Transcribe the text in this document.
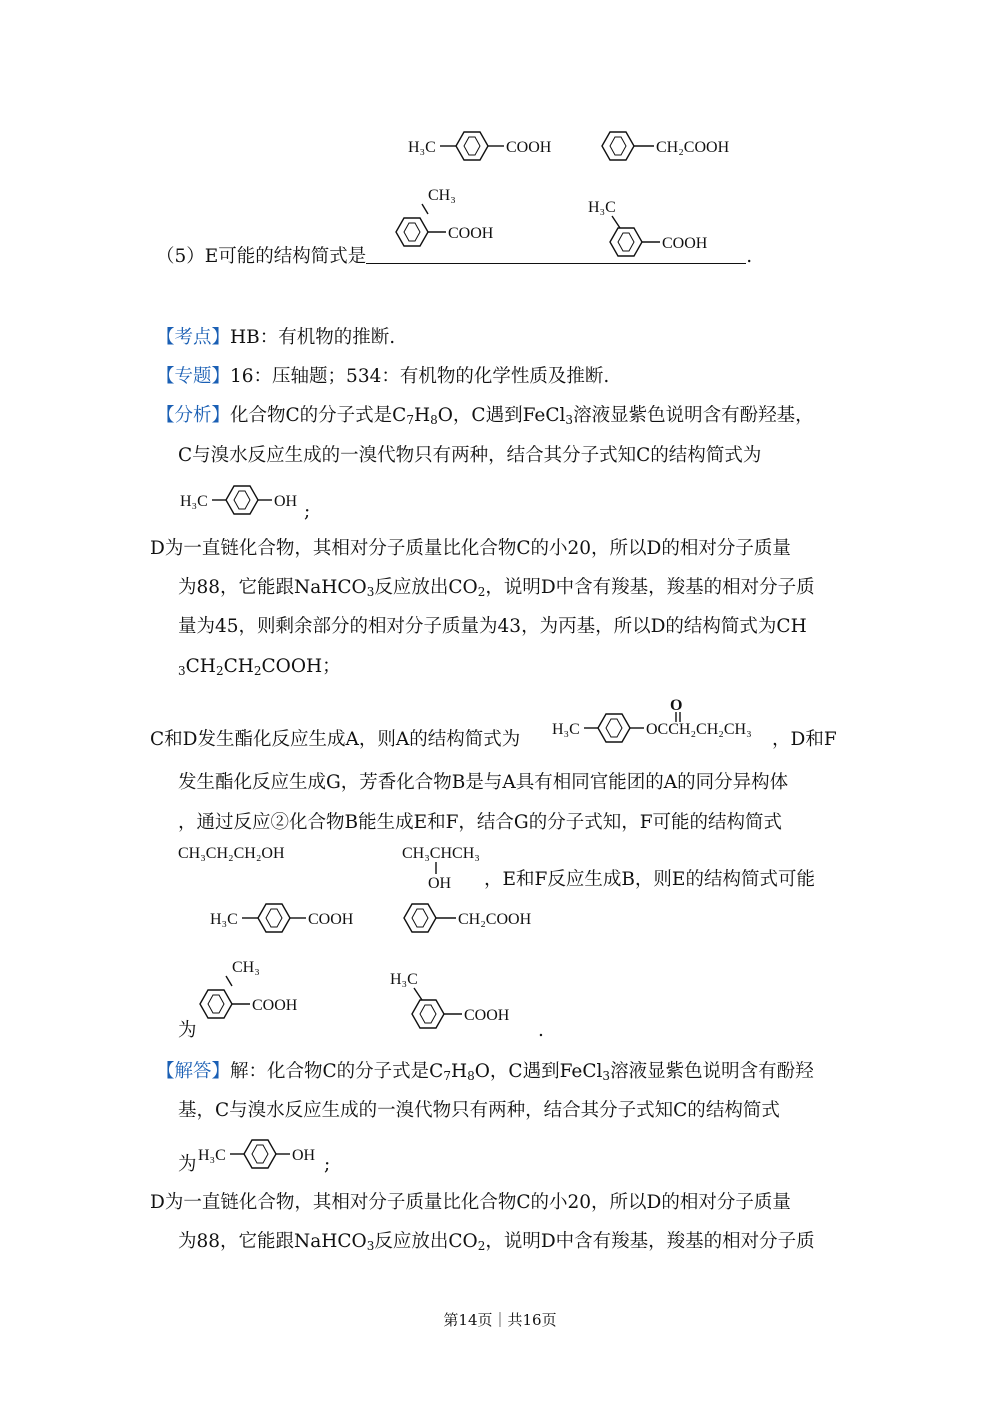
H₃C	COOH	CH₂COOH
CH₃
COOH
H₃C
COOH
（5）E可能的结构简式是	.
【考点】HB：有机物的推断.
【专题】16：压轴题；534：有机物的化学性质及推断.
【分析】化合物C的分子式是$C_7H_8O$，C遇到FeCl$_3$溶液显紫色说明含有酚羟基，
C与溴水反应生成的一溴代物只有两种，结合其分子式知C的结构简式为
H₃C	OH ;
D为一直链化合物，其相对分子质量比化合物C的小20，所以D的相对分子质量
为88，它能跟NaHCO$_3$反应放出$CO_2$，说明D中含有羧基，羧基的相对分子质
量为45，则剩余部分的相对分子质量为43，为丙基，所以D的结构简式为CH
$_3CH_2CH_2COOH$；
C和D发生酯化反应生成A，则A的结构简式为
O
H₃C	OCCH₂CH₂CH₃ ，D和F
发生酯化反应生成G，芳香化合物B是与A具有相同官能团的A的同分异构体
，通过反应②化合物B能生成E和F，结合G的分子式知，F可能的结构简式
CH₃CH₂CH₂OH	CH₃CHCH₃
OH ，E和F反应生成B，则E的结构简式可能
H₃C	COOH	CH₂COOH
为
CH₃
COOH
H₃C
COOH
.
【解答】解：化合物C的分子式是$C_7H_8O$，C遇到FeCl$_3$溶液显紫色说明含有酚羟
基，C与溴水反应生成的一溴代物只有两种，结合其分子式知C的结构简式
为 H₃C	OH ;
D为一直链化合物，其相对分子质量比化合物C的小20，所以D的相对分子质量
为88，它能跟NaHCO$_3$反应放出$CO_2$，说明D中含有羧基，羧基的相对分子质
第14页｜共16页
